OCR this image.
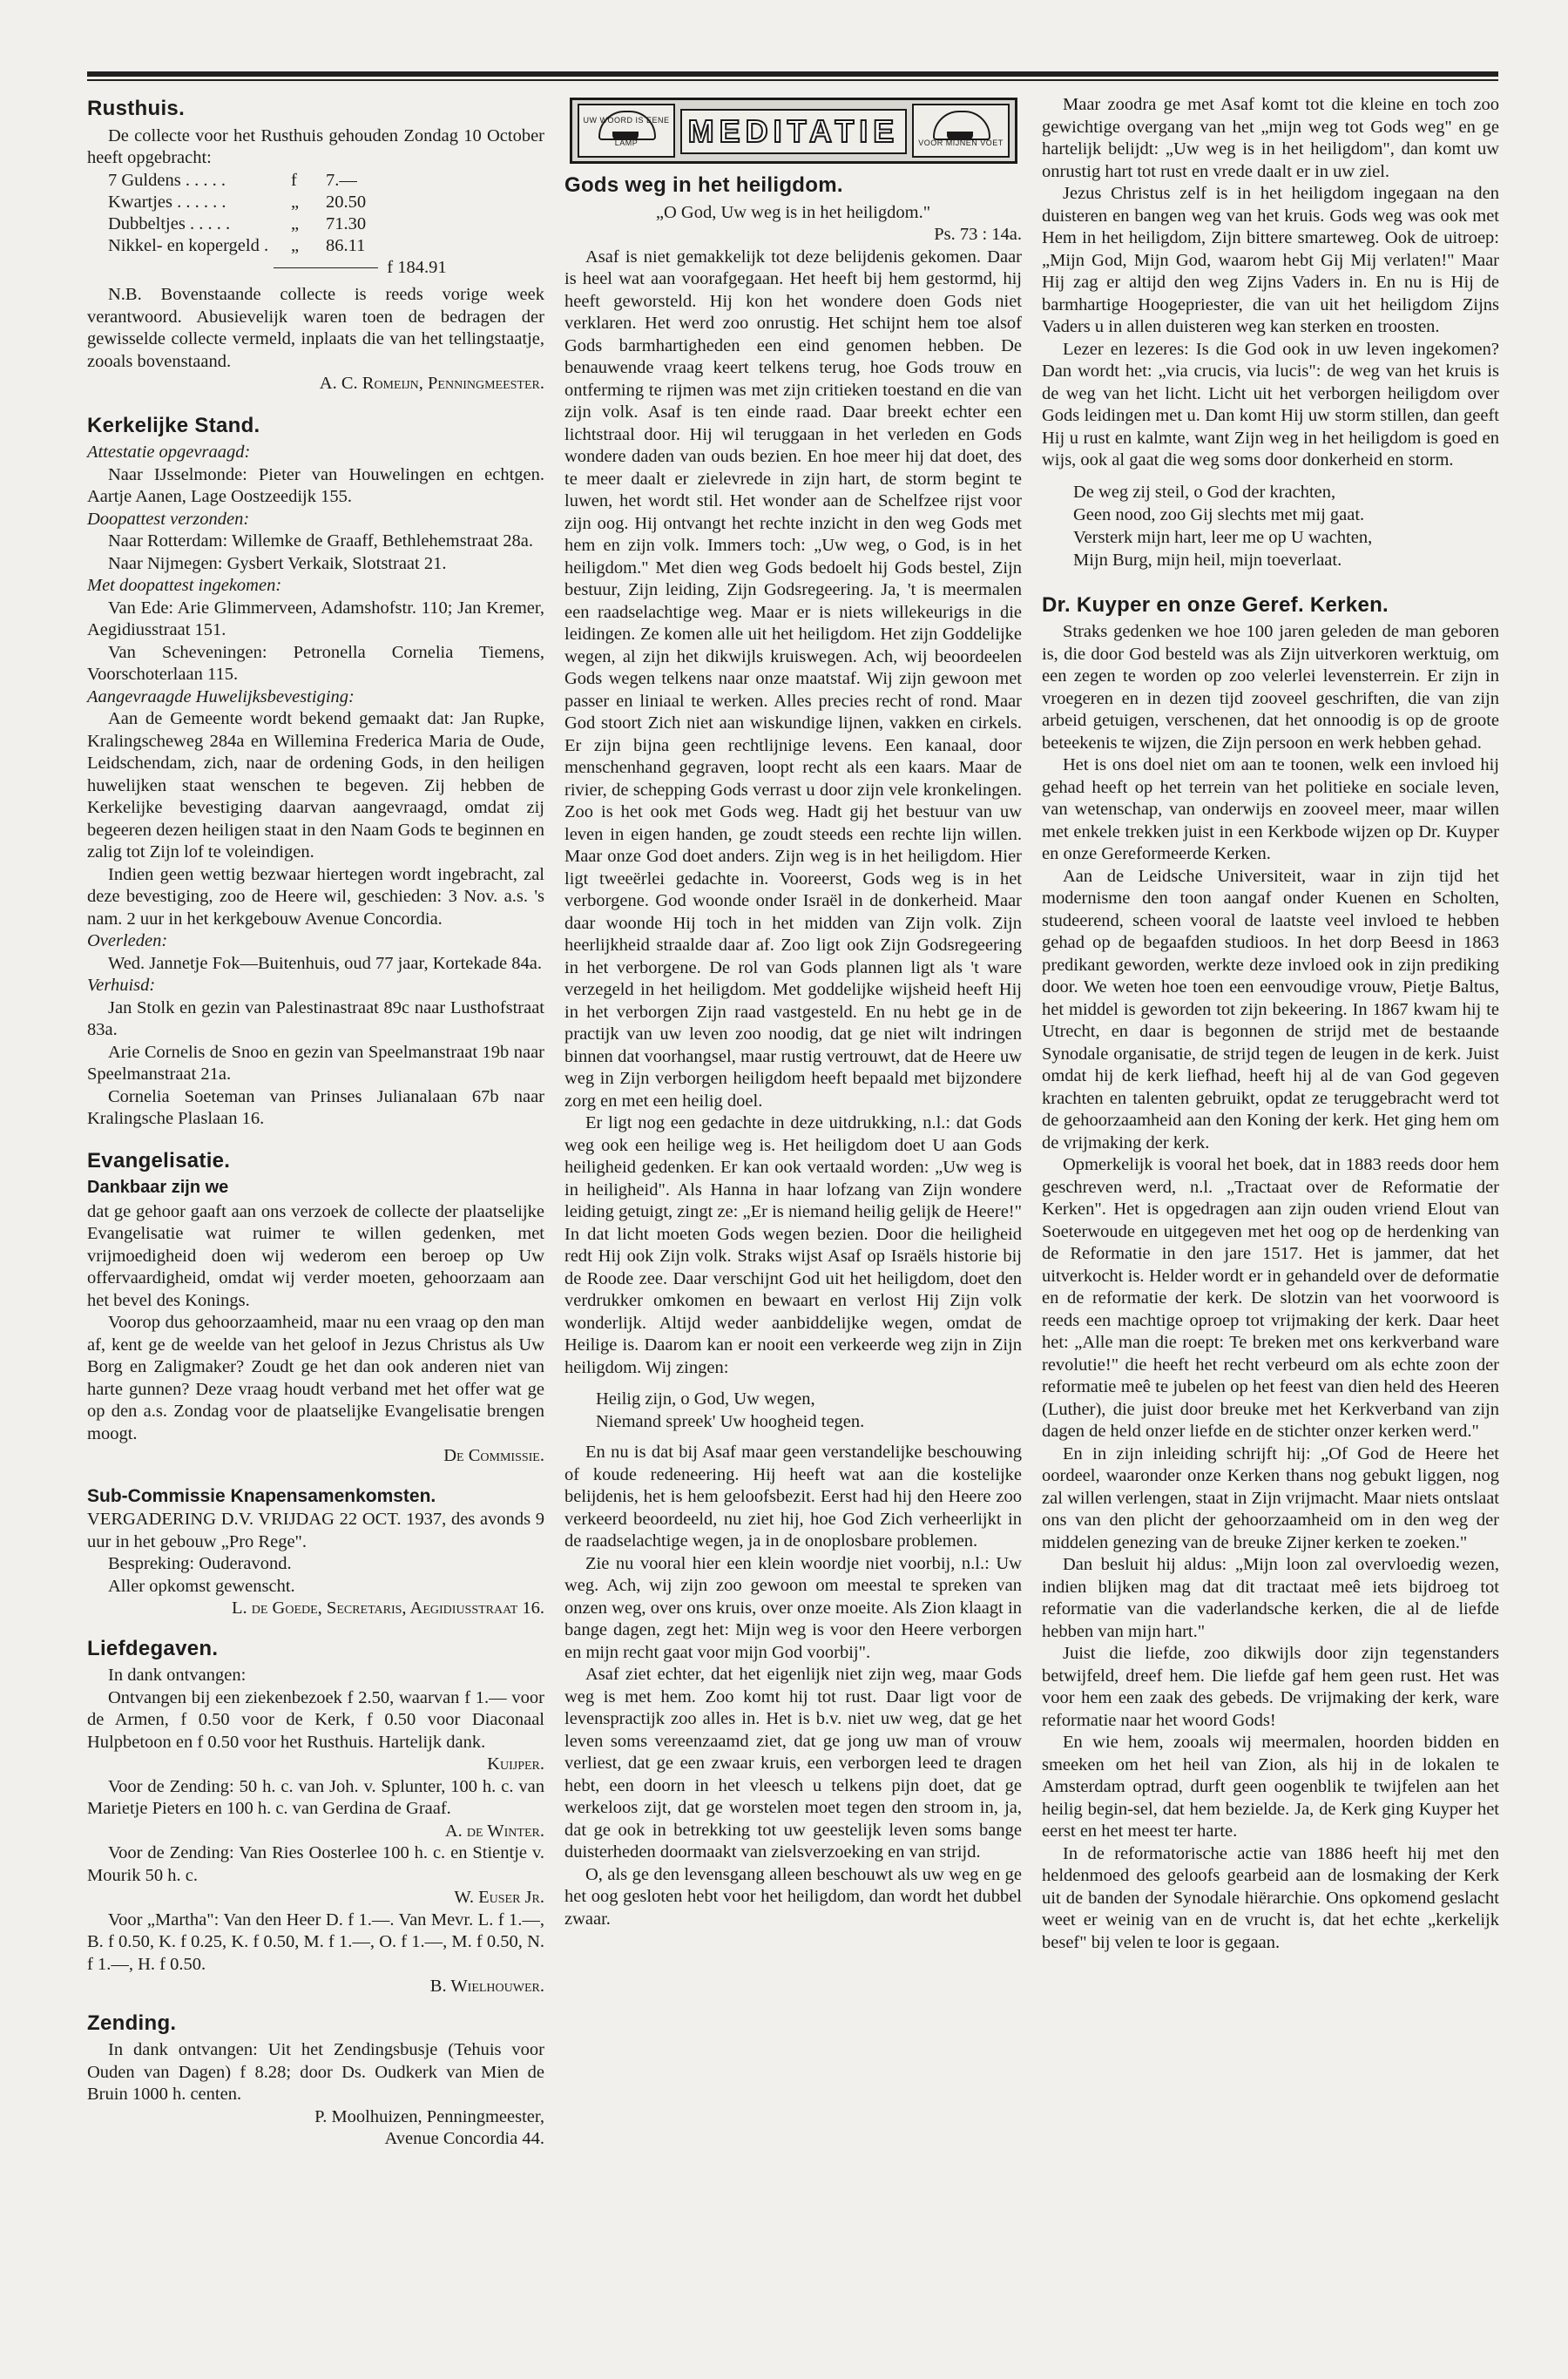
Rusthuis.

De collecte voor het Rusthuis gehouden Zondag 10 October heeft opgebracht:

7 Guldens . . . . .	f	7.—
Kwartjes . . . . . .	„	20.50
Dubbeltjes . . . . .	„	71.30
Nikkel- en kopergeld .	„	86.11
f 184.91

N.B. Bovenstaande collecte is reeds vorige week verantwoord. Abusievelijk waren toen de bedragen der gewisselde collecte vermeld, inplaats die van het tellingstaatje, zooals bovenstaand.

A. C. Romeijn, Penningmeester.

Kerkelijke Stand.

Attestatie opgevraagd:

Naar IJsselmonde: Pieter van Houwelingen en echtgen. Aartje Aanen, Lage Oostzeedijk 155.

Doopattest verzonden:

Naar Rotterdam: Willemke de Graaff, Bethlehemstraat 28a.

Naar Nijmegen: Gysbert Verkaik, Slotstraat 21.

Met doopattest ingekomen:

Van Ede: Arie Glimmerveen, Adamshofstr. 110; Jan Kremer, Aegidiusstraat 151.

Van Scheveningen: Petronella Cornelia Tiemens, Voorschoterlaan 115.

Aangevraagde Huwelijksbevestiging:

Aan de Gemeente wordt bekend gemaakt dat: Jan Rupke, Kralingscheweg 284a en Willemina Frederica Maria de Oude, Leidschendam, zich, naar de ordening Gods, in den heiligen huwelijken staat wenschen te begeven. Zij hebben de Kerkelijke bevestiging daarvan aangevraagd, omdat zij begeeren dezen heiligen staat in den Naam Gods te beginnen en zalig tot Zijn lof te voleindigen.

Indien geen wettig bezwaar hiertegen wordt ingebracht, zal deze bevestiging, zoo de Heere wil, geschieden: 3 Nov. a.s. 's nam. 2 uur in het kerkgebouw Avenue Concordia.

Overleden:

Wed. Jannetje Fok—Buitenhuis, oud 77 jaar, Kortekade 84a.

Verhuisd:

Jan Stolk en gezin van Palestinastraat 89c naar Lusthofstraat 83a.

Arie Cornelis de Snoo en gezin van Speelmanstraat 19b naar Speelmanstraat 21a.

Cornelia Soeteman van Prinses Julianalaan 67b naar Kralingsche Plaslaan 16.

Evangelisatie.
Dankbaar zijn we

dat ge gehoor gaaft aan ons verzoek de collecte der plaatselijke Evangelisatie wat ruimer te willen gedenken, met vrijmoedigheid doen wij wederom een beroep op Uw offervaardigheid, omdat wij verder moeten, gehoorzaam aan het bevel des Konings.

Voorop dus gehoorzaamheid, maar nu een vraag op den man af, kent ge de weelde van het geloof in Jezus Christus als Uw Borg en Zaligmaker? Zoudt ge het dan ook anderen niet van harte gunnen? Deze vraag houdt verband met het offer wat ge op den a.s. Zondag voor de plaatselijke Evangelisatie brengen moogt.

De Commissie.

Sub-Commissie Knapensamenkomsten.

VERGADERING D.V. VRIJDAG 22 OCT. 1937, des avonds 9 uur in het gebouw „Pro Rege".

Bespreking: Ouderavond.

Aller opkomst gewenscht.

L. de Goede, Secretaris, Aegidiusstraat 16.

Liefdegaven.

In dank ontvangen:

Ontvangen bij een ziekenbezoek f 2.50, waarvan f 1.— voor de Armen, f 0.50 voor de Kerk, f 0.50 voor Diaconaal Hulpbetoon en f 0.50 voor het Rusthuis. Hartelijk dank.

Kuijper.

Voor de Zending: 50 h. c. van Joh. v. Splunter, 100 h. c. van Marietje Pieters en 100 h. c. van Gerdina de Graaf.

A. de Winter.

Voor de Zending: Van Ries Oosterlee 100 h. c. en Stientje v. Mourik 50 h. c.

W. Euser Jr.

Voor „Martha": Van den Heer D. f 1.—. Van Mevr. L. f 1.—, B. f 0.50, K. f 0.25, K. f 0.50, M. f 1.—, O. f 1.—, M. f 0.50, N. f 1.—, H. f 0.50.

B. Wielhouwer.

Zending.

In dank ontvangen: Uit het Zendingsbusje (Tehuis voor Ouden van Dagen) f 8.28; door Ds. Oudkerk van Mien de Bruin 1000 h. centen.

P. Moolhuizen, Penningmeester,

Avenue Concordia 44.

UW WOORD IS EENE LAMP	MEDITATIE	VOOR MIJNEN VOET
Gods weg in het heiligdom.

„O God, Uw weg is in het heiligdom."

Ps. 73 : 14a.

Asaf is niet gemakkelijk tot deze belijdenis gekomen. Daar is heel wat aan voorafgegaan. Het heeft bij hem gestormd, hij heeft geworsteld. Hij kon het wondere doen Gods niet verklaren. Het werd zoo onrustig. Het schijnt hem toe alsof Gods barmhartigheden een eind genomen hebben. De benauwende vraag keert telkens terug, hoe Gods trouw en ontferming te rijmen was met zijn critieken toestand en die van zijn volk. Asaf is ten einde raad. Daar breekt echter een lichtstraal door. Hij wil teruggaan in het verleden en Gods wondere daden van ouds bezien. En hoe meer hij dat doet, des te meer daalt er zielevrede in zijn hart, de storm begint te luwen, het wordt stil. Het wonder aan de Schelfzee rijst voor zijn oog. Hij ontvangt het rechte inzicht in den weg Gods met hem en zijn volk. Immers toch: „Uw weg, o God, is in het heiligdom." Met dien weg Gods bedoelt hij Gods bestel, Zijn bestuur, Zijn leiding, Zijn Godsregeering. Ja, 't is meermalen een raadselachtige weg. Maar er is niets willekeurigs in die leidingen. Ze komen alle uit het heiligdom. Het zijn Goddelijke wegen, al zijn het dikwijls kruiswegen. Ach, wij beoordeelen Gods wegen telkens naar onze maatstaf. Wij zijn gewoon met passer en liniaal te werken. Alles precies recht of rond. Maar God stoort Zich niet aan wiskundige lijnen, vakken en cirkels. Er zijn bijna geen rechtlijnige levens. Een kanaal, door menschenhand gegraven, loopt recht als een kaars. Maar de rivier, de schepping Gods verrast u door zijn vele kronkelingen. Zoo is het ook met Gods weg. Hadt gij het bestuur van uw leven in eigen handen, ge zoudt steeds een rechte lijn willen. Maar onze God doet anders. Zijn weg is in het heiligdom. Hier ligt tweeërlei gedachte in. Vooreerst, Gods weg is in het verborgene. God woonde onder Israël in de donkerheid. Maar daar woonde Hij toch in het midden van Zijn volk. Zijn heerlijkheid straalde daar af. Zoo ligt ook Zijn Godsregeering in het verborgene. De rol van Gods plannen ligt als 't ware verzegeld in het heiligdom. Met goddelijke wijsheid heeft Hij in het verborgen Zijn raad vastgesteld. En nu hebt ge in de practijk van uw leven zoo noodig, dat ge niet wilt indringen binnen dat voorhangsel, maar rustig vertrouwt, dat de Heere uw weg in Zijn verborgen heiligdom heeft bepaald met bijzondere zorg en met een heilig doel.

Er ligt nog een gedachte in deze uitdrukking, n.l.: dat Gods weg ook een heilige weg is. Het heiligdom doet U aan Gods heiligheid gedenken. Er kan ook vertaald worden: „Uw weg is in heiligheid". Als Hanna in haar lofzang van Zijn wondere leiding getuigt, zingt ze: „Er is niemand heilig gelijk de Heere!" In dat licht moeten Gods wegen bezien. Door die heiligheid redt Hij ook Zijn volk. Straks wijst Asaf op Israëls historie bij de Roode zee. Daar verschijnt God uit het heiligdom, doet den verdrukker omkomen en bewaart en verlost Hij Zijn volk wonderlijk. Altijd weder aanbiddelijke wegen, omdat de Heilige is. Daarom kan er nooit een verkeerde weg zijn in Zijn heiligdom. Wij zingen:

Heilig zijn, o God, Uw wegen,
Niemand spreek' Uw hoogheid tegen.

En nu is dat bij Asaf maar geen verstandelijke beschouwing of koude redeneering. Hij heeft wat aan die kostelijke belijdenis, het is hem geloofsbezit. Eerst had hij den Heere zoo verkeerd beoordeeld, nu ziet hij, hoe God Zich verheerlijkt in de raadselachtige wegen, ja in de onoplosbare problemen.

Zie nu vooral hier een klein woordje niet voorbij, n.l.: Uw weg. Ach, wij zijn zoo gewoon om meestal te spreken van onzen weg, over ons kruis, over onze moeite. Als Zion klaagt in bange dagen, zegt het: Mijn weg is voor den Heere verborgen en mijn recht gaat voor mijn God voorbij".

Asaf ziet echter, dat het eigenlijk niet zijn weg, maar Gods weg is met hem. Zoo komt hij tot rust. Daar ligt voor de levenspractijk zoo alles in. Het is b.v. niet uw weg, dat ge het leven soms vereenzaamd ziet, dat ge jong uw man of vrouw verliest, dat ge een zwaar kruis, een verborgen leed te dragen hebt, een doorn in het vleesch u telkens pijn doet, dat ge werkeloos zijt, dat ge worstelen moet tegen den stroom in, ja, dat ge ook in betrekking tot uw geestelijk leven soms bange duisterheden doormaakt van zielsverzoeking en van strijd.

O, als ge den levensgang alleen beschouwt als uw weg en ge het oog gesloten hebt voor het heiligdom, dan wordt het dubbel zwaar.

Maar zoodra ge met Asaf komt tot die kleine en toch zoo gewichtige overgang van het „mijn weg tot Gods weg" en ge hartelijk belijdt: „Uw weg is in het heiligdom", dan komt uw onrustig hart tot rust en vrede daalt er in uw ziel.

Jezus Christus zelf is in het heiligdom ingegaan na den duisteren en bangen weg van het kruis. Gods weg was ook met Hem in het heiligdom, Zijn bittere smarteweg. Ook de uitroep: „Mijn God, Mijn God, waarom hebt Gij Mij verlaten!" Maar Hij zag er altijd den weg Zijns Vaders in. En nu is Hij de barmhartige Hoogepriester, die van uit het heiligdom Zijns Vaders u in allen duisteren weg kan sterken en troosten.

Lezer en lezeres: Is die God ook in uw leven ingekomen? Dan wordt het: „via crucis, via lucis": de weg van het kruis is de weg van het licht. Licht uit het verborgen heiligdom over Gods leidingen met u. Dan komt Hij uw storm stillen, dan geeft Hij u rust en kalmte, want Zijn weg in het heiligdom is goed en wijs, ook al gaat die weg soms door donkerheid en storm.

De weg zij steil, o God der krachten,
Geen nood, zoo Gij slechts met mij gaat.
Versterk mijn hart, leer me op U wachten,
Mijn Burg, mijn heil, mijn toeverlaat.
Dr. Kuyper en onze Geref. Kerken.

Straks gedenken we hoe 100 jaren geleden de man geboren is, die door God besteld was als Zijn uitverkoren werktuig, om een zegen te worden op zoo velerlei levensterrein. Er zijn in vroegeren en in dezen tijd zooveel geschriften, die van zijn arbeid getuigen, verschenen, dat het onnoodig is op de groote beteekenis te wijzen, die Zijn persoon en werk hebben gehad.

Het is ons doel niet om aan te toonen, welk een invloed hij gehad heeft op het terrein van het politieke en sociale leven, van wetenschap, van onderwijs en zooveel meer, maar willen met enkele trekken juist in een Kerkbode wijzen op Dr. Kuyper en onze Gereformeerde Kerken.

Aan de Leidsche Universiteit, waar in zijn tijd het modernisme den toon aangaf onder Kuenen en Scholten, studeerend, scheen vooral de laatste veel invloed te hebben gehad op de begaafden studioos. In het dorp Beesd in 1863 predikant geworden, werkte deze invloed ook in zijn prediking door. We weten hoe toen een eenvoudige vrouw, Pietje Baltus, het middel is geworden tot zijn bekeering. In 1867 kwam hij te Utrecht, en daar is begonnen de strijd met de bestaande Synodale organisatie, de strijd tegen de leugen in de kerk. Juist omdat hij de kerk liefhad, heeft hij al de van God gegeven krachten en talenten gebruikt, opdat ze teruggebracht werd tot de gehoorzaamheid aan den Koning der kerk. Het ging hem om de vrijmaking der kerk.

Opmerkelijk is vooral het boek, dat in 1883 reeds door hem geschreven werd, n.l. „Tractaat over de Reformatie der Kerken". Het is opgedragen aan zijn ouden vriend Elout van Soeterwoude en uitgegeven met het oog op de herdenking van de Reformatie in den jare 1517. Het is jammer, dat het uitverkocht is. Helder wordt er in gehandeld over de deformatie en de reformatie der kerk. De slotzin van het voorwoord is reeds een machtige oproep tot vrijmaking der kerk. Daar heet het: „Alle man die roept: Te breken met ons kerkverband ware revolutie!" die heeft het recht verbeurd om als echte zoon der reformatie meê te jubelen op het feest van dien held des Heeren (Luther), die juist door breuke met het Kerkverband van zijn dagen de held onzer liefde en de stichter onzer kerken werd."

En in zijn inleiding schrijft hij: „Of God de Heere het oordeel, waaronder onze Kerken thans nog gebukt liggen, nog zal willen verlengen, staat in Zijn vrijmacht. Maar niets ontslaat ons van den plicht der gehoorzaamheid om in den weg der middelen genezing van de breuke Zijner kerken te zoeken."

Dan besluit hij aldus: „Mijn loon zal overvloedig wezen, indien blijken mag dat dit tractaat meê iets bijdroeg tot reformatie van die vaderlandsche kerken, die al de liefde hebben van mijn hart."

Juist die liefde, zoo dikwijls door zijn tegenstanders betwijfeld, dreef hem. Die liefde gaf hem geen rust. Het was voor hem een zaak des gebeds. De vrijmaking der kerk, ware reformatie naar het woord Gods!

En wie hem, zooals wij meermalen, hoorden bidden en smeeken om het heil van Zion, als hij in de lokalen te Amsterdam optrad, durft geen oogenblik te twijfelen aan het heilig begin-sel, dat hem bezielde. Ja, de Kerk ging Kuyper het eerst en het meest ter harte.

In de reformatorische actie van 1886 heeft hij met den heldenmoed des geloofs gearbeid aan de losmaking der Kerk uit de banden der Synodale hiërarchie. Ons opkomend geslacht weet er weinig van en de vrucht is, dat het echte „kerkelijk besef" bij velen te loor is gegaan.
